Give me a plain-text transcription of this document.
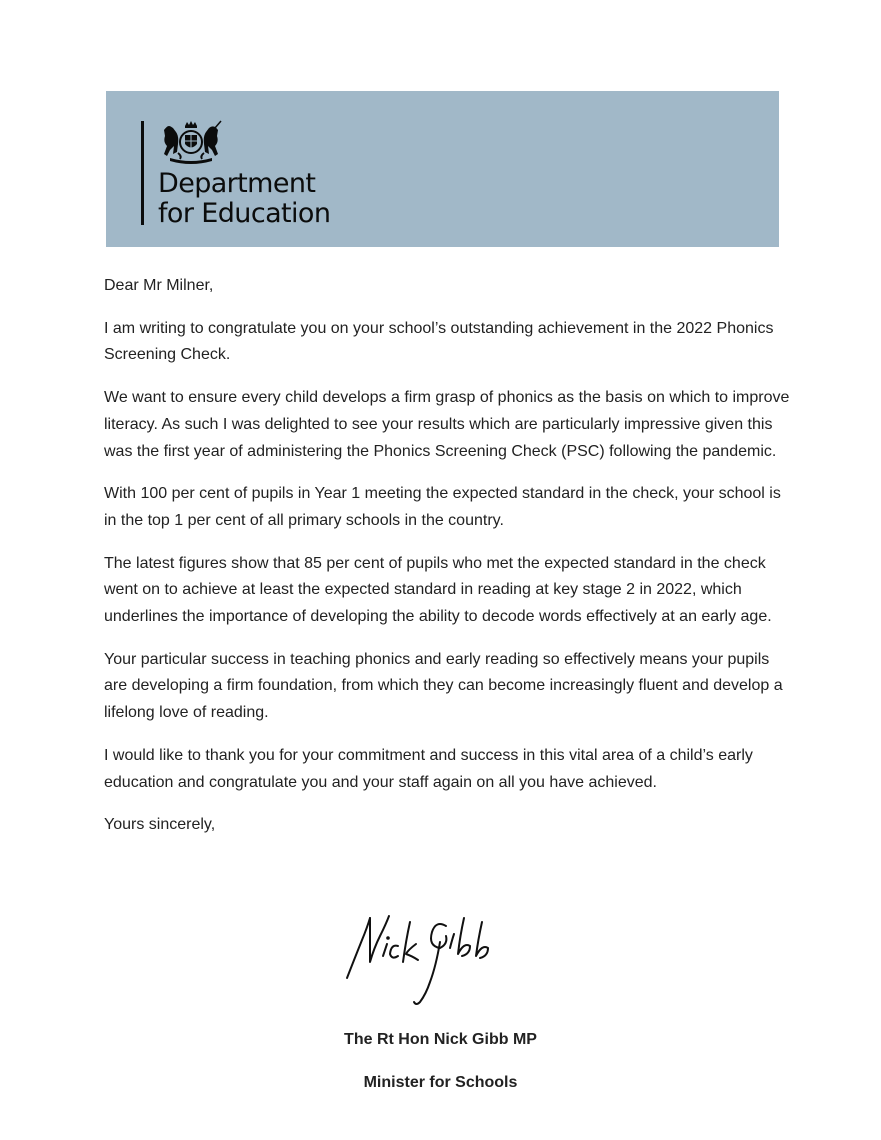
Department
for Education

Dear Mr Milner,

I am writing to congratulate you on your school’s outstanding achievement in the 2022 Phonics Screening Check.

We want to ensure every child develops a firm grasp of phonics as the basis on which to improve literacy. As such I was delighted to see your results which are particularly impressive given this was the first year of administering the Phonics Screening Check (PSC) following the pandemic.

With 100 per cent of pupils in Year 1 meeting the expected standard in the check, your school is in the top 1 per cent of all primary schools in the country.

The latest figures show that 85 per cent of pupils who met the expected standard in the check went on to achieve at least the expected standard in reading at key stage 2 in 2022, which underlines the importance of developing the ability to decode words effectively at an early age.

Your particular success in teaching phonics and early reading so effectively means your pupils are developing a firm foundation, from which they can become increasingly fluent and develop a lifelong love of reading.

I would like to thank you for your commitment and success in this vital area of a child’s early education and congratulate you and your staff again on all you have achieved.

Yours sincerely,

The Rt Hon Nick Gibb MP
Minister for Schools
